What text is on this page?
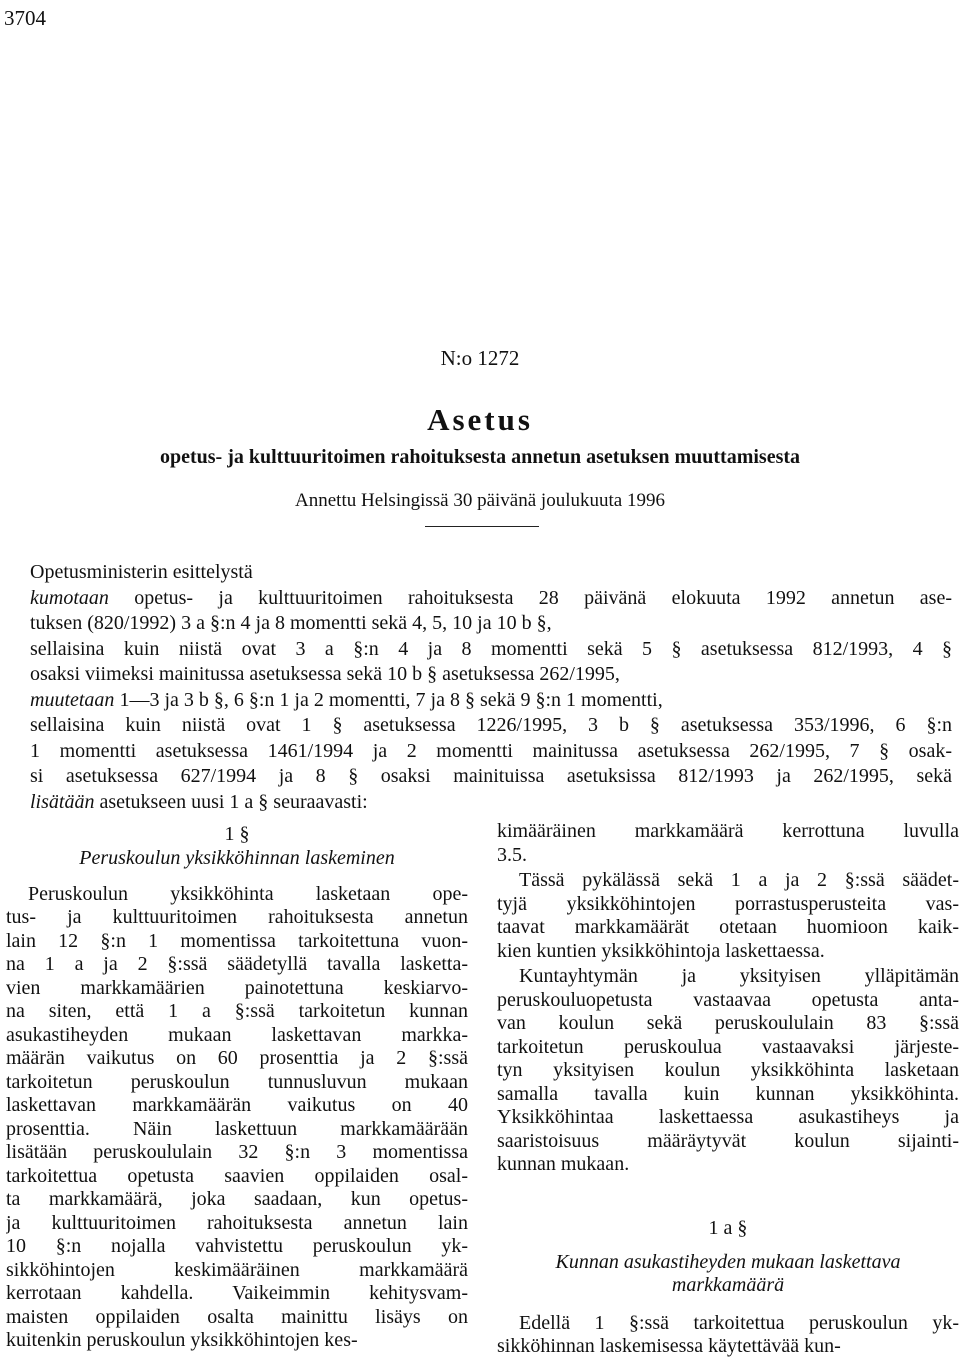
3704
N:o 1272
Asetus
opetus- ja kulttuuritoimen rahoituksesta annetun asetuksen muuttamisesta
Annettu Helsingissä 30 päivänä joulukuuta 1996
Opetusministerin esittelystä
kumotaan opetus- ja kulttuuritoimen rahoituksesta 28 päivänä elokuuta 1992 annetun ase-
tuksen (820/1992) 3 a §:n 4 ja 8 momentti sekä 4, 5, 10 ja 10 b §,
sellaisina kuin niistä ovat 3 a §:n 4 ja 8 momentti sekä 5 § asetuksessa 812/1993, 4 §
osaksi viimeksi mainitussa asetuksessa sekä 10 b § asetuksessa 262/1995,
muutetaan 1—3 ja 3 b §, 6 §:n 1 ja 2 momentti, 7 ja 8 § sekä 9 §:n 1 momentti,
sellaisina kuin niistä ovat 1 § asetuksessa 1226/1995, 3 b § asetuksessa 353/1996, 6 §:n
1 momentti asetuksessa 1461/1994 ja 2 momentti mainitussa asetuksessa 262/1995, 7 § osak-
si asetuksessa 627/1994 ja 8 § osaksi mainituissa asetuksissa 812/1993 ja 262/1995, sekä
lisätään asetukseen uusi 1 a § seuraavasti:
1 §
Peruskoulun yksikköhinnan laskeminen
Peruskoulun yksikköhinta lasketaan ope-
tus- ja kulttuuritoimen rahoituksesta annetun
lain 12 §:n 1 momentissa tarkoitettuna vuon-
na 1 a ja 2 §:ssä säädetyllä tavalla lasketta-
vien markkamäärien painotettuna keskiarvo-
na siten, että 1 a §:ssä tarkoitetun kunnan
asukastiheyden mukaan laskettavan markka-
määrän vaikutus on 60 prosenttia ja 2 §:ssä
tarkoitetun peruskoulun tunnusluvun mukaan
laskettavan markkamäärän vaikutus on 40
prosenttia. Näin laskettuun markkamäärään
lisätään peruskoululain 32 §:n 3 momentissa
tarkoitettua opetusta saavien oppilaiden osal-
ta markkamäärä, joka saadaan, kun opetus-
ja kulttuuritoimen rahoituksesta annetun lain
10 §:n nojalla vahvistettu peruskoulun yk-
sikköhintojen keskimääräinen markkamäärä
kerrotaan kahdella. Vaikeimmin kehitysvam-
maisten oppilaiden osalta mainittu lisäys on
kuitenkin peruskoulun yksikköhintojen kes-
kimääräinen markkamäärä kerrottuna luvulla
3.5.
Tässä pykälässä sekä 1 a ja 2 §:ssä säädet-
tyjä yksikköhintojen porrastusperusteita vas-
taavat markkamäärät otetaan huomioon kaik-
kien kuntien yksikköhintoja laskettaessa.
Kuntayhtymän ja yksityisen ylläpitämän
peruskouluopetusta vastaavaa opetusta anta-
van koulun sekä peruskoululain 83 §:ssä
tarkoitetun peruskoulua vastaavaksi järjeste-
tyn yksityisen koulun yksikköhinta lasketaan
samalla tavalla kuin kunnan yksikköhinta.
Yksikköhintaa laskettaessa asukastiheys ja
saaristoisuus määräytyvät koulun sijainti-
kunnan mukaan.
1 a §
Kunnan asukastiheyden mukaan laskettava
markkamäärä
Edellä 1 §:ssä tarkoitettua peruskoulun yk-
sikköhinnan laskemisessa käytettävää kun-
